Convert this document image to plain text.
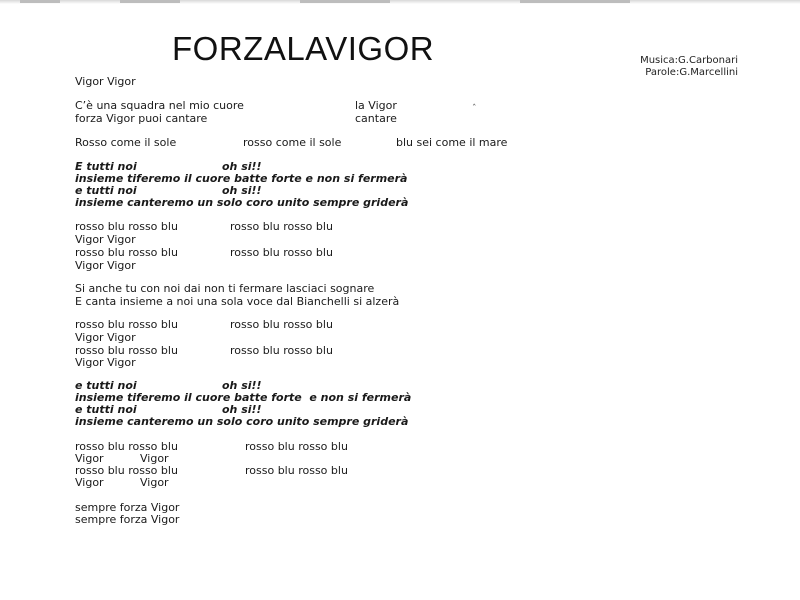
FORZALAVIGOR	Musica:G.Carbonari
Parole:G.Marcellini
ˆ
Vigor Vigor
C’è una squadra nel mio cuore	la Vigor
forza Vigor puoi cantare	cantare
Rosso come il sole	rosso come il sole	blu sei come il mare
E tutti noi	oh si!!
insieme tiferemo il cuore batte forte e non si fermerà
e tutti noi	oh si!!
insieme canteremo un solo coro unito sempre griderà
rosso blu rosso blu	rosso blu rosso blu
Vigor Vigor
rosso blu rosso blu	rosso blu rosso blu
Vigor Vigor
Si anche tu con noi dai non ti fermare lasciaci sognare
E canta insieme a noi una sola voce dal Bianchelli si alzerà
rosso blu rosso blu	rosso blu rosso blu
Vigor Vigor
rosso blu rosso blu	rosso blu rosso blu
Vigor Vigor
e tutti noi	oh si!!
insieme tiferemo il cuore batte forte  e non si fermerà
e tutti noi	oh si!!
insieme canteremo un solo coro unito sempre griderà
rosso blu rosso blu	rosso blu rosso blu
Vigor	Vigor
rosso blu rosso blu	rosso blu rosso blu
Vigor	Vigor
sempre forza Vigor
sempre forza Vigor
